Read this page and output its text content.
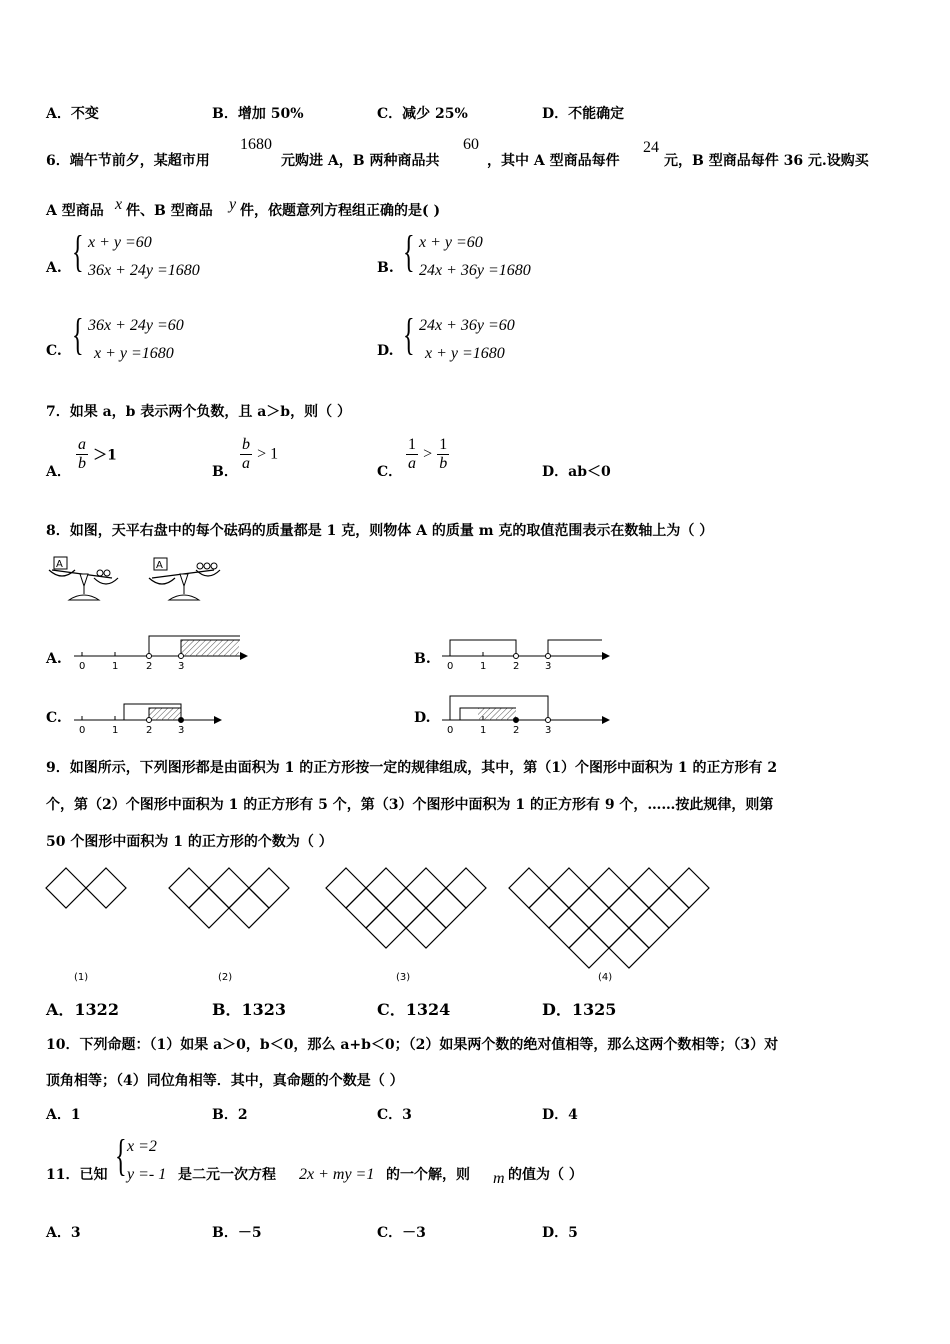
A．不变	B．增加 50%	C．减少 25%	D．不能确定
6．端午节前夕，某超市用
1680
元购进 A，B 两种商品共
60
，其中 A 型商品每件
24
元，B 型商品每件 36 元.设购买
A 型商品 x 件、B 型商品 y 件，依题意列方程组正确的是( )
A. { x + y =60
36x + 24y =1680	B. { x + y =60
24x + 36y =1680
C. { 36x + 24y =60
x + y =1680	D. { 24x + 36y =60
x + y =1680
7．如果 a，b 表示两个负数，且 a＞b，则（ ）
A． $\frac{a}{b} >1$
B． $\frac{b}{a} > 1$
C． $\frac{1}{a} > \frac{1}{b}$	D．ab＜0
8．如图，天平右盘中的每个砝码的质量都是 1 克，则物体 A 的质量 m 克的取值范围表示在数轴上为（ ）
A	A
A. 0	1	2	3	B. 0	1	2	3
C.
0	1	2	3
D.
0	1	2	3
9．如图所示，下列图形都是由面积为 1 的正方形按一定的规律组成，其中，第（1）个图形中面积为 1 的正方形有 2
个，第（2）个图形中面积为 1 的正方形有 5 个，第（3）个图形中面积为 1 的正方形有 9 个，……按此规律，则第
50 个图形中面积为 1 的正方形的个数为（ ）
(1)	(2)	(3)	(4)
A．1322	B．1323	C．1324	D．1325
10．下列命题：（1）如果 a＞0，b＜0，那么 a+b＜0；（2）如果两个数的绝对值相等，那么这两个数相等；（3）对
顶角相等；（4）同位角相等．其中，真命题的个数是（ ）
A．1	B．2	C．3	D．4
11．已知 { x =2
y =- 1 是二元一次方程 2x + my =1 的一个解，则 m 的值为（ ）
A．3	B．－5	C．－3	D．5
